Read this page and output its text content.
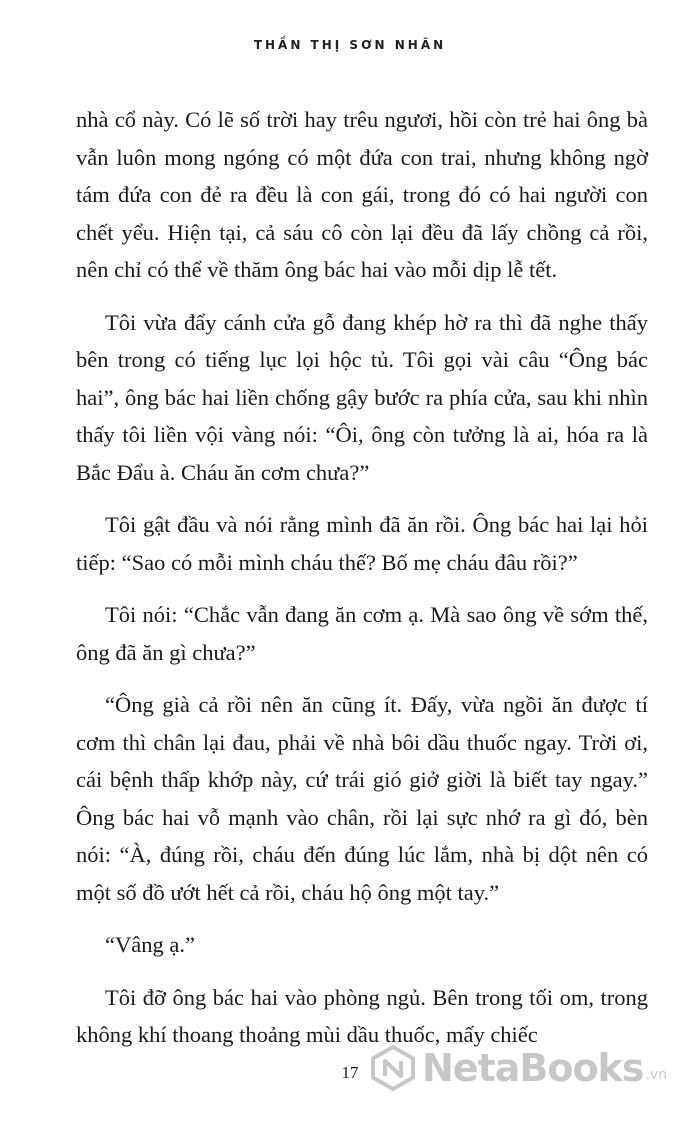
THẦN THỊ SƠN NHÂN

nhà cổ này. Có lẽ số trời hay trêu ngươi, hồi còn trẻ hai ông bà vẫn luôn mong ngóng có một đứa con trai, nhưng không ngờ tám đứa con đẻ ra đều là con gái, trong đó có hai người con chết yểu. Hiện tại, cả sáu cô còn lại đều đã lấy chồng cả rồi, nên chỉ có thể về thăm ông bác hai vào mỗi dịp lễ tết.

Tôi vừa đẩy cánh cửa gỗ đang khép hờ ra thì đã nghe thấy bên trong có tiếng lục lọi hộc tủ. Tôi gọi vài câu “Ông bác hai”, ông bác hai liền chống gậy bước ra phía cửa, sau khi nhìn thấy tôi liền vội vàng nói: “Ôi, ông còn tưởng là ai, hóa ra là Bắc Đẩu à. Cháu ăn cơm chưa?”

Tôi gật đầu và nói rằng mình đã ăn rồi. Ông bác hai lại hỏi tiếp: “Sao có mỗi mình cháu thế? Bố mẹ cháu đâu rồi?”

Tôi nói: “Chắc vẫn đang ăn cơm ạ. Mà sao ông về sớm thế, ông đã ăn gì chưa?”

“Ông già cả rồi nên ăn cũng ít. Đấy, vừa ngồi ăn được tí cơm thì chân lại đau, phải về nhà bôi dầu thuốc ngay. Trời ơi, cái bệnh thấp khớp này, cứ trái gió giở giời là biết tay ngay.” Ông bác hai vỗ mạnh vào chân, rồi lại sực nhớ ra gì đó, bèn nói: “À, đúng rồi, cháu đến đúng lúc lắm, nhà bị dột nên có một số đồ ướt hết cả rồi, cháu hộ ông một tay.”

“Vâng ạ.”

Tôi đỡ ông bác hai vào phòng ngủ. Bên trong tối om, trong không khí thoang thoảng mùi dầu thuốc, mấy chiếc

17	NetaBooks .vn
